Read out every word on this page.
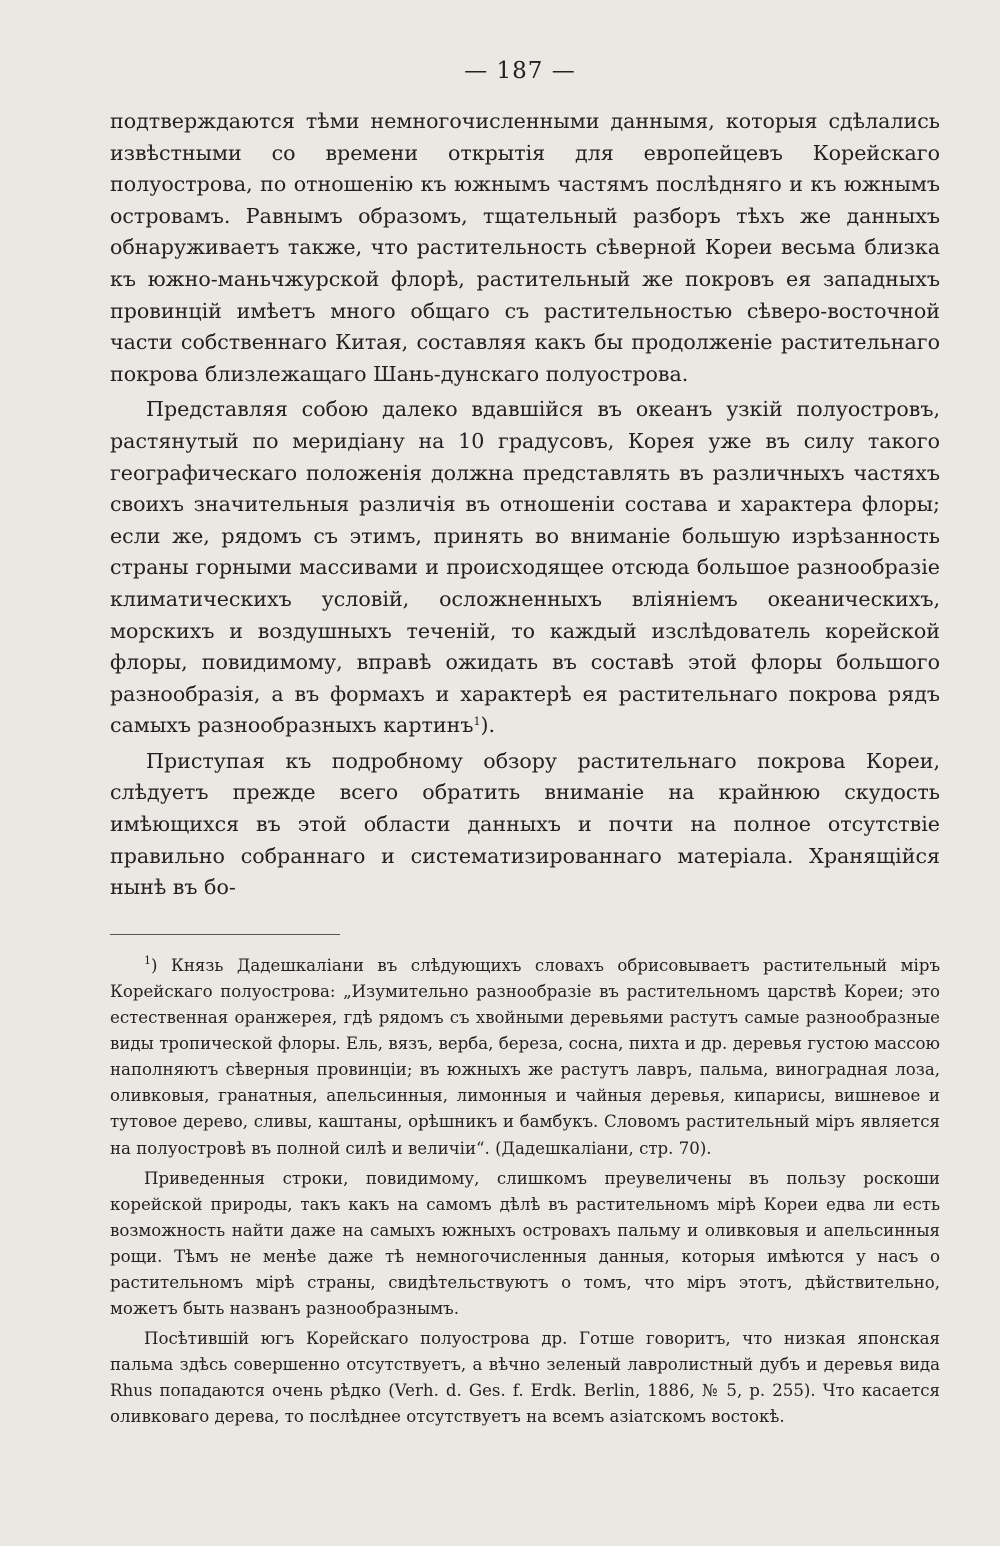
— 187 —

подтверждаются тѣми немногочисленными даннымя, которыя сдѣлались извѣстными со времени открытія для европейцевъ Корейскаго полуострова, по отношенію къ южнымъ частямъ послѣдняго и къ южнымъ островамъ. Равнымъ образомъ, тщательный разборъ тѣхъ же данныхъ обнаруживаетъ также, что растительность сѣверной Кореи весьма близка къ южно-маньчжурской флорѣ, растительный же покровъ ея западныхъ провинцій имѣетъ много общаго съ растительностью сѣверо-восточной части собственнаго Китая, составляя какъ бы продолженіе растительнаго покрова близлежащаго Шань-дунскаго полуострова.

Представляя собою далеко вдавшійся въ океанъ узкій полуостровъ, растянутый по меридіану на 10 градусовъ, Корея уже въ силу такого географическаго положенія должна представлять въ различныхъ частяхъ своихъ значительныя различія въ отношеніи состава и характера флоры; если же, рядомъ съ этимъ, принять во вниманіе большую изрѣзанность страны горными массивами и происходящее отсюда большое разнообразіе климатическихъ условій, осложненныхъ вліяніемъ океаническихъ, морскихъ и воздушныхъ теченій, то каждый изслѣдователь корейской флоры, повидимому, вправѣ ожидать въ составѣ этой флоры большого разнообразія, а въ формахъ и характерѣ ея растительнаго покрова рядъ самыхъ разнообразныхъ картинъ$^1$).

Приступая къ подробному обзору растительнаго покрова Кореи, слѣдуетъ прежде всего обратить вниманіе на крайнюю скудость имѣющихся въ этой области данныхъ и почти на полное отсутствіе правильно собраннаго и систематизированнаго матеріала. Хранящійся нынѣ въ бо-

$^1$) Князь Дадешкаліани въ слѣдующихъ словахъ обрисовываетъ растительный міръ Корейскаго полуострова: „Изумительно разнообразіе въ растительномъ царствѣ Кореи; это естественная оранжерея, гдѣ рядомъ съ хвойными деревьями растутъ самые разнообразные виды тропической флоры. Ель, вязъ, верба, береза, сосна, пихта и др. деревья густою массою наполняютъ сѣверныя провинціи; въ южныхъ же растутъ лавръ, пальма, виноградная лоза, оливковыя, гранатныя, апельсинныя, лимонныя и чайныя деревья, кипарисы, вишневое и тутовое дерево, сливы, каштаны, орѣшникъ и бамбукъ. Словомъ растительный міръ является на полуостровѣ въ полной силѣ и величіи“. (Дадешкаліани, стр. 70).

Приведенныя строки, повидимому, слишкомъ преувеличены въ пользу роскоши корейской природы, такъ какъ на самомъ дѣлѣ въ растительномъ мірѣ Кореи едва ли есть возможность найти даже на самыхъ южныхъ островахъ пальму и оливковыя и апельсинныя рощи. Тѣмъ не менѣе даже тѣ немногочисленныя данныя, которыя имѣются у насъ о растительномъ мірѣ страны, свидѣтельствуютъ о томъ, что міръ этотъ, дѣйствительно, можетъ быть названъ разнообразнымъ.

Посѣтившій югъ Корейскаго полуострова др. Готше говоритъ, что низкая японская пальма здѣсь совершенно отсутствуетъ, а вѣчно зеленый лавролистный дубъ и деревья вида Rhus попадаются очень рѣдко (Verh. d. Ges. f. Erdk. Berlin, 1886, № 5, p. 255). Что касается оливковаго дерева, то послѣднее отсутствуетъ на всемъ азіатскомъ востокѣ.
